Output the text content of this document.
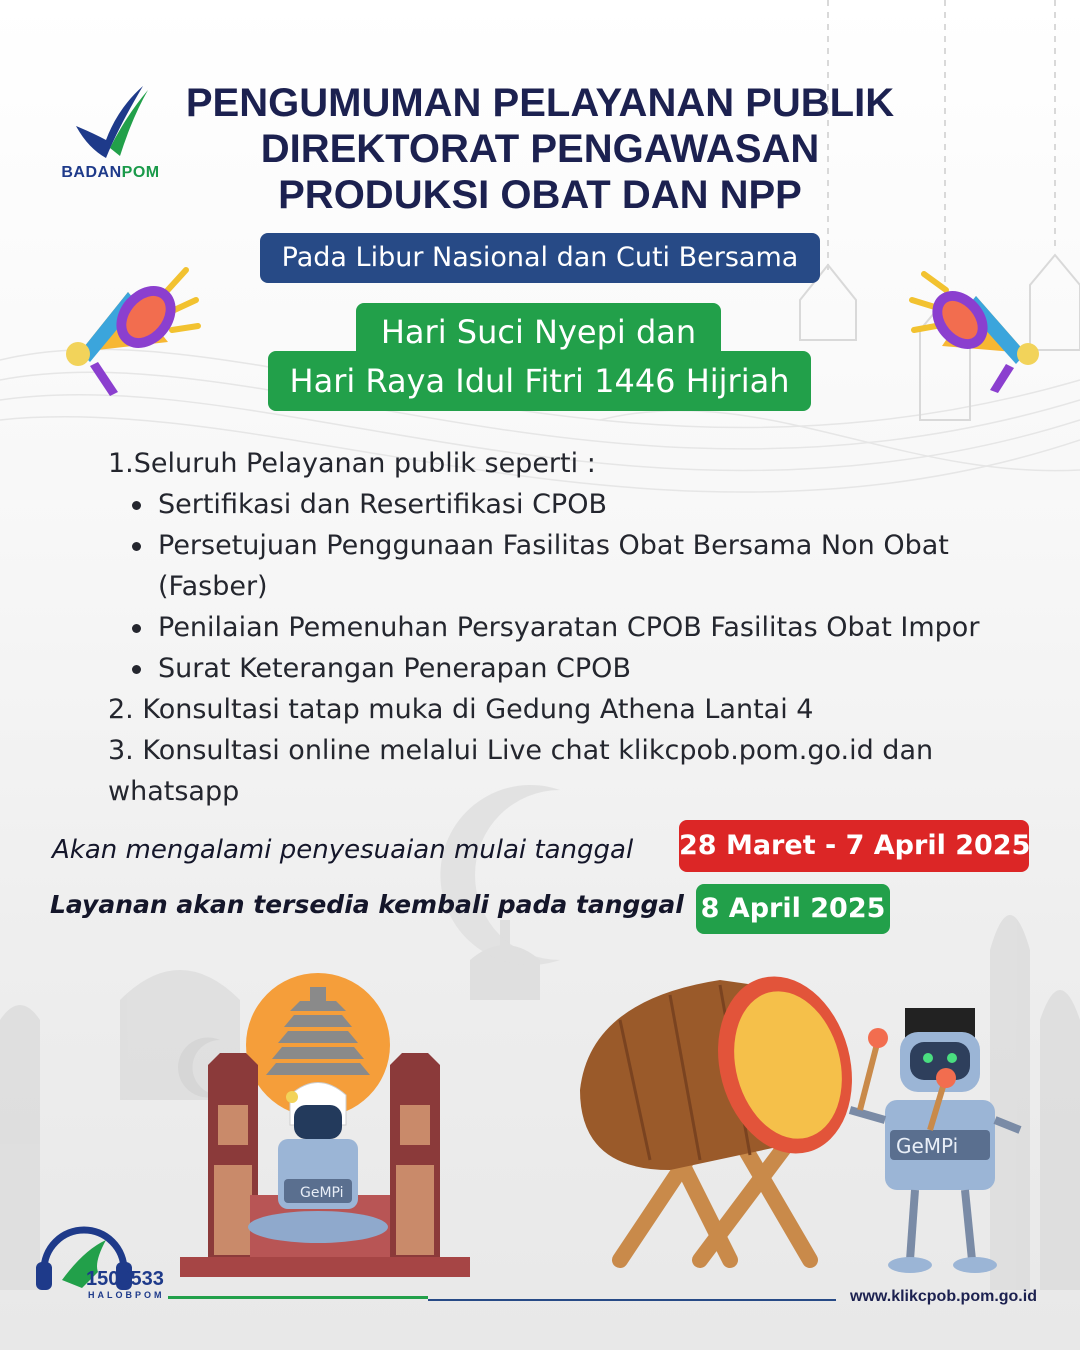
BADANPOM
PENGUMUMAN PELAYANAN PUBLIK
DIREKTORAT PENGAWASAN
PRODUKSI OBAT DAN NPP
Pada Libur Nasional dan Cuti Bersama
Hari Raya Idul Fitri 1446 Hijriah
Hari Suci Nyepi dan
1.Seluruh Pelayanan publik seperti :
Sertifikasi dan Resertifikasi CPOB
Persetujuan Penggunaan Fasilitas Obat Bersama Non Obat (Fasber)
Penilaian Pemenuhan Persyaratan CPOB Fasilitas Obat Impor
Surat Keterangan Penerapan CPOB
2. Konsultasi tatap muka di Gedung Athena Lantai 4
3. Konsultasi online melalui Live chat klikcpob.pom.go.id dan whatsapp
Akan mengalami penyesuaian mulai tanggal 28 Maret - 7 April 2025
Layanan akan tersedia kembali pada tanggal 8 April 2025
GeMPi
GeMPi
1500533
HALOBPOM	www.klikcpob.pom.go.id
